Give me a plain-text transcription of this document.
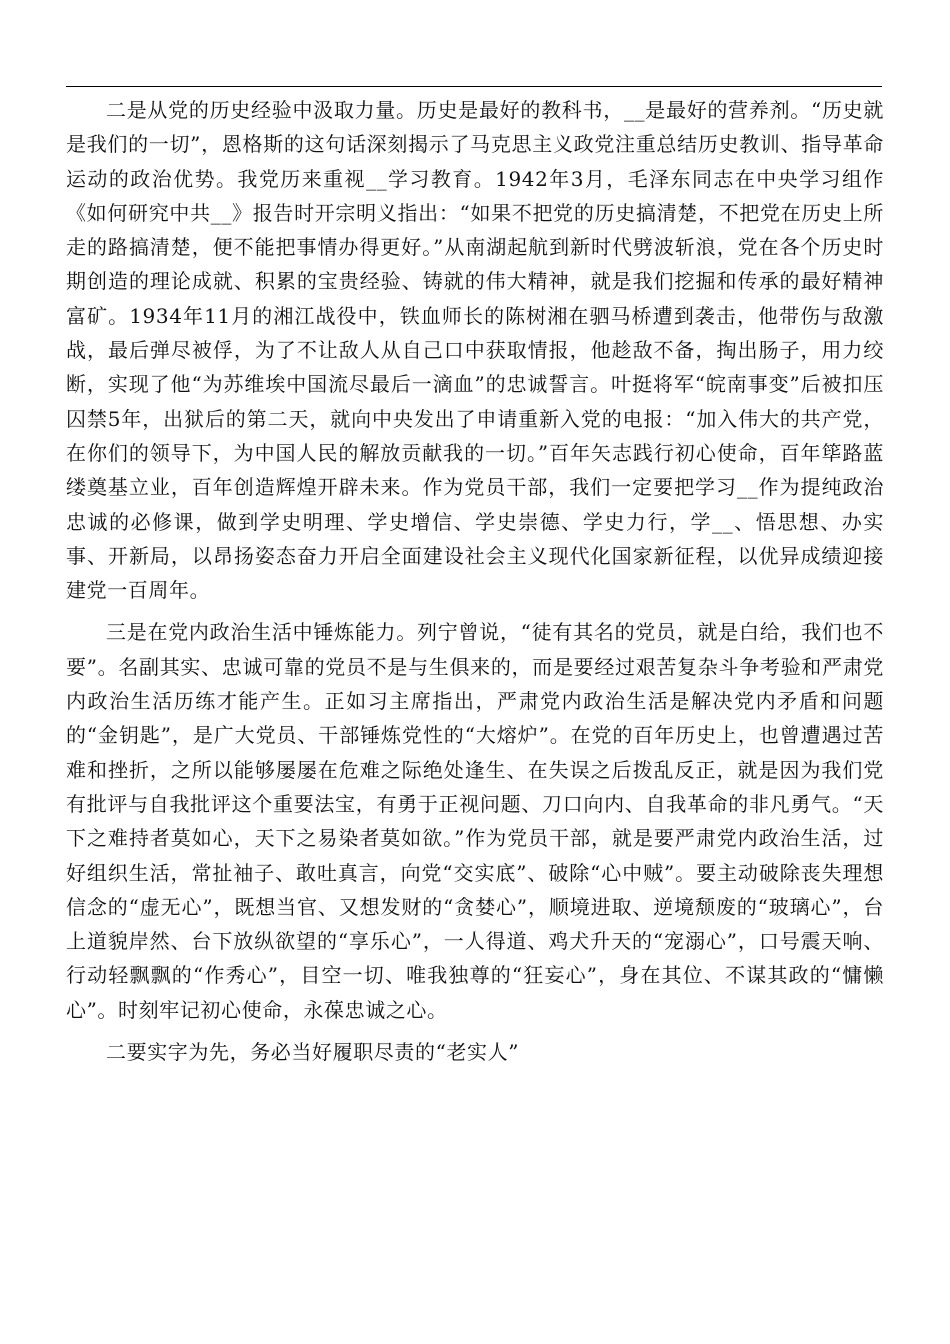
二是从党的历史经验中汲取力量。历史是最好的教科书，__是最好的营养剂。“历史就是我们的一切”，恩格斯的这句话深刻揭示了马克思主义政党注重总结历史教训、指导革命运动的政治优势。我党历来重视__学习教育。1942年3月，毛泽东同志在中央学习组作《如何研究中共__》报告时开宗明义指出：“如果不把党的历史搞清楚，不把党在历史上所走的路搞清楚，便不能把事情办得更好。”从南湖起航到新时代劈波斩浪，党在各个历史时期创造的理论成就、积累的宝贵经验、铸就的伟大精神，就是我们挖掘和传承的最好精神富矿。1934年11月的湘江战役中，铁血师长的陈树湘在驷马桥遭到袭击，他带伤与敌激战，最后弹尽被俘，为了不让敌人从自己口中获取情报，他趁敌不备，掏出肠子，用力绞断，实现了他“为苏维埃中国流尽最后一滴血”的忠诚誓言。叶挺将军“皖南事变”后被扣压囚禁5年，出狱后的第二天，就向中央发出了申请重新入党的电报：“加入伟大的共产党，在你们的领导下，为中国人民的解放贡献我的一切。”百年矢志践行初心使命，百年筚路蓝缕奠基立业，百年创造辉煌开辟未来。作为党员干部，我们一定要把学习__作为提纯政治忠诚的必修课，做到学史明理、学史增信、学史崇德、学史力行，学__、悟思想、办实事、开新局，以昂扬姿态奋力开启全面建设社会主义现代化国家新征程，以优异成绩迎接建党一百周年。

三是在党内政治生活中锤炼能力。列宁曾说，“徒有其名的党员，就是白给，我们也不要”。名副其实、忠诚可靠的党员不是与生俱来的，而是要经过艰苦复杂斗争考验和严肃党内政治生活历练才能产生。正如习主席指出，严肃党内政治生活是解决党内矛盾和问题的“金钥匙”，是广大党员、干部锤炼党性的“大熔炉”。在党的百年历史上，也曾遭遇过苦难和挫折，之所以能够屡屡在危难之际绝处逢生、在失误之后拨乱反正，就是因为我们党有批评与自我批评这个重要法宝，有勇于正视问题、刀口向内、自我革命的非凡勇气。“天下之难持者莫如心，天下之易染者莫如欲。”作为党员干部，就是要严肃党内政治生活，过好组织生活，常扯袖子、敢吐真言，向党“交实底”、破除“心中贼”。要主动破除丧失理想信念的“虚无心”，既想当官、又想发财的“贪婪心”，顺境进取、逆境颓废的“玻璃心”，台上道貌岸然、台下放纵欲望的“享乐心”，一人得道、鸡犬升天的“宠溺心”，口号震天响、行动轻飘飘的“作秀心”，目空一切、唯我独尊的“狂妄心”，身在其位、不谋其政的“慵懒心”。时刻牢记初心使命，永葆忠诚之心。

二要实字为先，务必当好履职尽责的“老实人”
